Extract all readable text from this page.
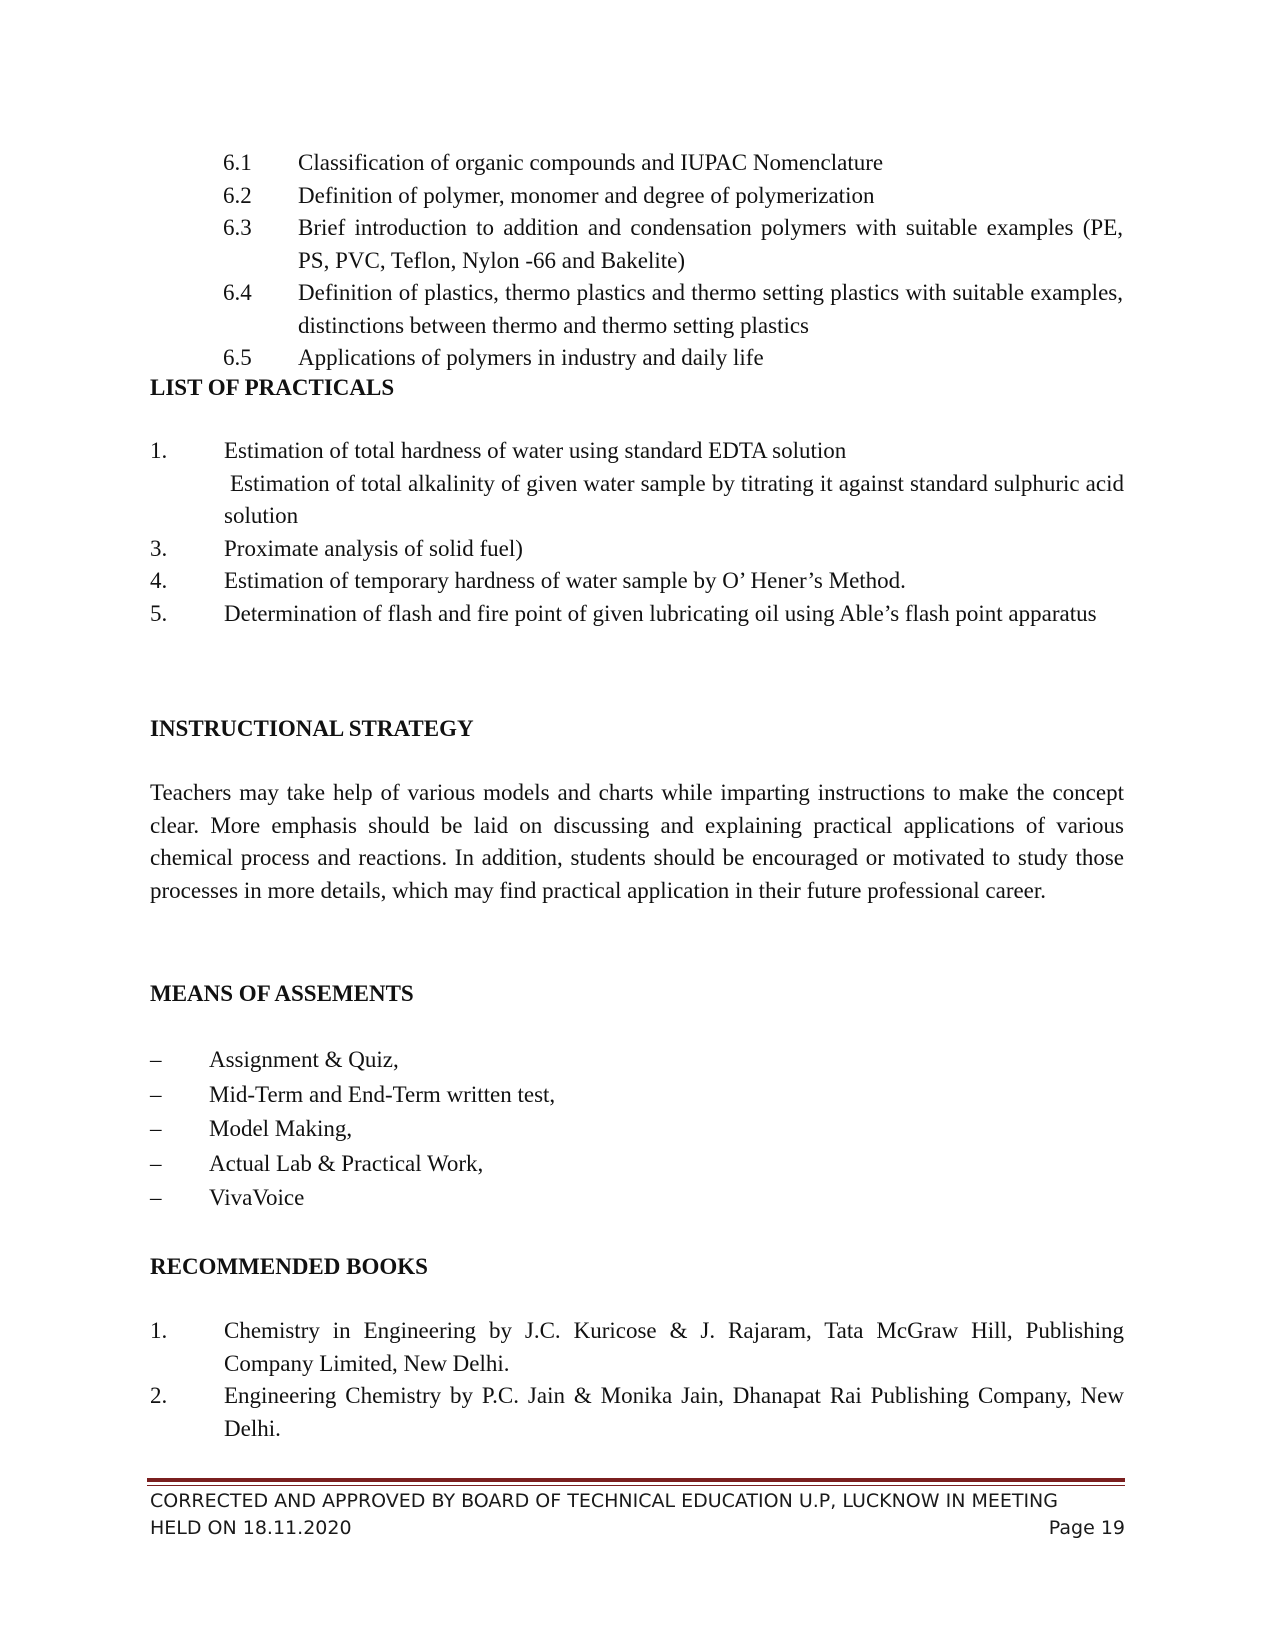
6.1	Classification of organic compounds and IUPAC Nomenclature
6.2	Definition of polymer, monomer and degree of polymerization
6.3	Brief introduction to addition and condensation polymers with suitable examples (PE, PS, PVC, Teflon, Nylon -66 and Bakelite)
6.4	Definition of plastics, thermo plastics and thermo setting plastics with suitable examples, distinctions between thermo and thermo setting plastics
6.5	Applications of polymers in industry and daily life
LIST OF PRACTICALS
1.	Estimation of total hardness of water using standard EDTA solution
Estimation of total alkalinity of given water sample by titrating it against standard sulphuric acid solution
3.	Proximate analysis of solid fuel)
4.	Estimation of temporary hardness of water sample by O’ Hener’s Method.
5.	Determination of flash and fire point of given lubricating oil using Able’s flash point apparatus
INSTRUCTIONAL STRATEGY

Teachers may take help of various models and charts while imparting instructions to make the concept clear. More emphasis should be laid on discussing and explaining practical applications of various chemical process and reactions. In addition, students should be encouraged or motivated to study those processes in more details, which may find practical application in their future professional career.

MEANS OF ASSEMENTS
–	Assignment & Quiz,
–	Mid-Term and End-Term written test,
–	Model Making,
–	Actual Lab & Practical Work,
–	VivaVoice
RECOMMENDED BOOKS
1.	Chemistry in Engineering by J.C. Kuricose & J. Rajaram, Tata McGraw Hill, Publishing Company Limited, New Delhi.
2.	Engineering Chemistry by P.C. Jain & Monika Jain, Dhanapat Rai Publishing Company, New Delhi.
CORRECTED AND APPROVED BY BOARD OF TECHNICAL EDUCATION U.P, LUCKNOW IN MEETING
HELD ON 18.11.2020	Page 19
